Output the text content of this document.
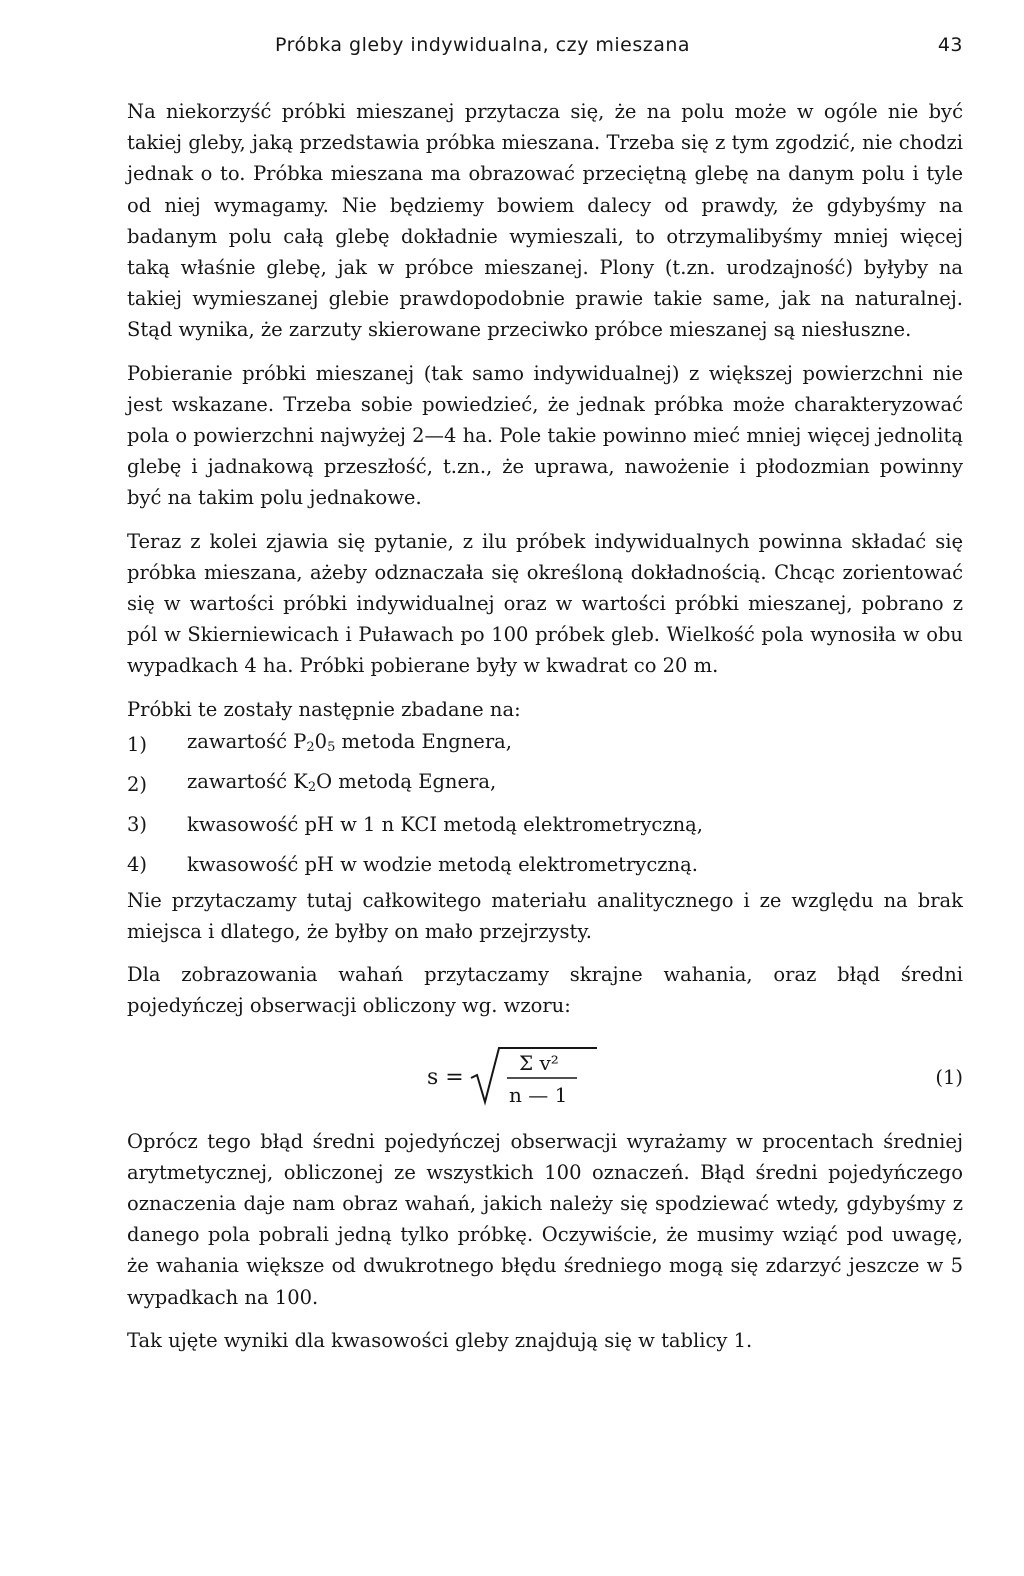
Próbka gleby indywidualna, czy mieszana	43

Na niekorzyść próbki mieszanej przytacza się, że na polu może w ogóle nie być takiej gleby, jaką przedstawia próbka mieszana. Trzeba się z tym zgodzić, nie chodzi jednak o to. Próbka mieszana ma obrazować przeciętną glebę na danym polu i tyle od niej wymagamy. Nie będziemy bowiem dalecy od prawdy, że gdybyśmy na badanym polu całą glebę dokładnie wymieszali, to otrzymalibyśmy mniej więcej taką właśnie glebę, jak w próbce mieszanej. Plony (t.zn. urodzajność) byłyby na takiej wymieszanej glebie prawdopodobnie prawie takie same, jak na naturalnej. Stąd wynika, że zarzuty skierowane przeciwko próbce mieszanej są niesłuszne.

Pobieranie próbki mieszanej (tak samo indywidualnej) z większej powierzchni nie jest wskazane. Trzeba sobie powiedzieć, że jednak próbka może charakteryzować pola o powierzchni najwyżej 2—4 ha. Pole takie powinno mieć mniej więcej jednolitą glebę i jadnakową przeszłość, t.zn., że uprawa, nawożenie i płodozmian powinny być na takim polu jednakowe.

Teraz z kolei zjawia się pytanie, z ilu próbek indywidualnych powinna składać się próbka mieszana, ażeby odznaczała się określoną dokładnością. Chcąc zorientować się w wartości próbki indywidualnej oraz w wartości próbki mieszanej, pobrano z pól w Skierniewicach i Puławach po 100 próbek gleb. Wielkość pola wynosiła w obu wypadkach 4 ha. Próbki pobierane były w kwadrat co 20 m.

Próbki te zostały następnie zbadane na:

1)	zawartość $P_20_5$ metoda Engnera,
2)	zawartość $K_2O$ metodą Egnera,
3)	kwasowość pH w 1 n KCI metodą elektrometryczną,
4)	kwasowość pH w wodzie metodą elektrometryczną.

Nie przytaczamy tutaj całkowitego materiału analitycznego i ze względu na brak miejsca i dlatego, że byłby on mało przejrzysty.

Dla zobrazowania wahań przytaczamy skrajne wahania, oraz błąd średni pojedyńczej obserwacji obliczony wg. wzoru:

s =
Σ v²
n — 1
(1)

Oprócz tego błąd średni pojedyńczej obserwacji wyrażamy w procentach średniej arytmetycznej, obliczonej ze wszystkich 100 oznaczeń. Błąd średni pojedyńczego oznaczenia daje nam obraz wahań, jakich należy się spodziewać wtedy, gdybyśmy z danego pola pobrali jedną tylko próbkę. Oczywiście, że musimy wziąć pod uwagę, że wahania większe od dwukrotnego błędu średniego mogą się zdarzyć jeszcze w 5 wypadkach na 100.

Tak ujęte wyniki dla kwasowości gleby znajdują się w tablicy 1.
